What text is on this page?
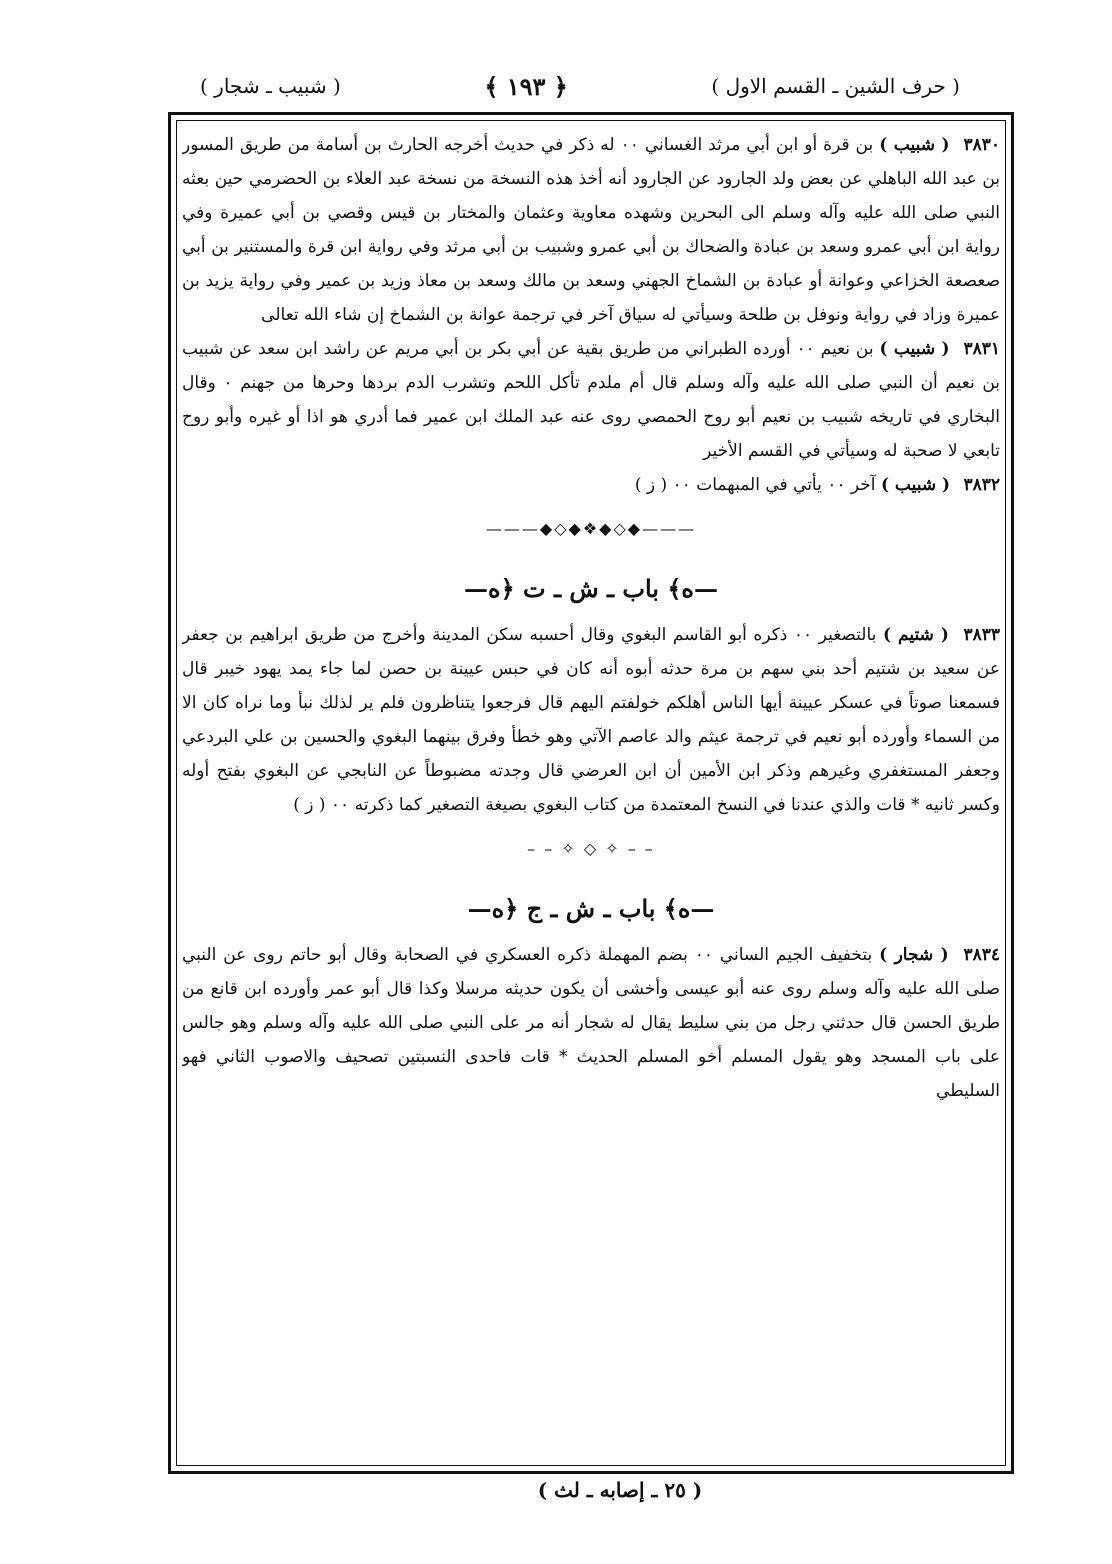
( حرف الشين ـ القسم الاول )
﴿ ١٩٣ ﴾
( شبيب ـ شجار )

٣٨٣٠ ( شبيب ) بن قرة أو ابن أبي مرثد الغساني ٠٠ له ذكر في حديث أخرجه الحارث بن أسامة من طريق المسور بن عبد الله الباهلي عن بعض ولد الجارود عن الجارود أنه أخذ هذه النسخة من نسخة عبد العلاء بن الحضرمي حين بعثه النبي صلى الله عليه وآله وسلم الى البحرين وشهده معاوية وعثمان والمختار بن قيس وقصي بن أبي عميرة وفي رواية ابن أبي عمرو وسعد بن عبادة والضحاك بن أبي عمرو وشبيب بن أبي مرثد وفي رواية ابن قرة والمستنير بن أبي صعصعة الخزاعي وعوانة أو عبادة بن الشماخ الجهني وسعد بن مالك وسعد بن معاذ وزيد بن عمير وفي رواية يزيد بن عميرة وزاد في رواية ونوفل بن طلحة وسيأتي له سياق آخر في ترجمة عوانة بن الشماخ إن شاء الله تعالى

٣٨٣١ ( شبيب ) بن نعيم ٠٠ أورده الطبراني من طريق بقية عن أبي بكر بن أبي مريم عن راشد ابن سعد عن شبيب بن نعيم أن النبي صلى الله عليه وآله وسلم قال أم ملدم تأكل اللحم وتشرب الدم بردها وحرها من جهنم ٠ وقال البخاري في تاريخه شبيب بن نعيم أبو روح الحمصي روى عنه عبد الملك ابن عمير فما أدري هو اذا أو غيره وأبو روح تابعي لا صحبة له وسيأتي في القسم الأخير

٣٨٣٢ ( شبيب ) آخر ٠٠ يأتي في المبهمات ٠٠ ( ز )

———◆◇◆❖◆◇◆———
—ﻩ﴾ باب ـ ش ـ ت ﴿ﻩ—

٣٨٣٣ ( شتيم ) بالتصغير ٠٠ ذكره أبو القاسم البغوي وقال أحسبه سكن المدينة وأخرج من طريق ابراهيم بن جعفر عن سعيد بن شتيم أحد بني سهم بن مرة حدثه أبوه أنه كان في حبس عيينة بن حصن لما جاء يمد يهود خيبر قال فسمعنا صوتاً في عسكر عيينة أيها الناس أهلكم خولفتم اليهم قال فرجعوا يتناظرون فلم ير لذلك نبأ وما نراه كان الا من السماء وأورده أبو نعيم في ترجمة عيثم والد عاصم الآتي وهو خطأ وفرق بينهما البغوي والحسين بن علي البردعي وجعفر المستغفري وغيرهم وذكر ابن الأمين أن ابن العرضي قال وجدته مضبوطاً عن النابجي عن البغوي بفتح أوله وكسر ثانيه * قات والذي عندنا في النسخ المعتمدة من كتاب البغوي بصيغة التصغير كما ذكرته ٠٠ ( ز )

– – ✧ ◇ ✧ – –
—ﻩ﴾ باب ـ ش ـ ج ﴿ﻩ—

٣٨٣٤ ( شجار ) بتخفيف الجيم الساني ٠٠ بضم المهملة ذكره العسكري في الصحابة وقال أبو حاتم روى عن النبي صلى الله عليه وآله وسلم روى عنه أبو عيسى وأخشى أن يكون حديثه مرسلا وكذا قال أبو عمر وأورده ابن قانع من طريق الحسن قال حدثني رجل من بني سليط يقال له شجار أنه مر على النبي صلى الله عليه وآله وسلم وهو جالس على باب المسجد وهو يقول المسلم أخو المسلم الحديث * قات فاحدى النسبتين تصحيف والاصوب الثاني فهو السليطي

( ٢٥ ـ إصابه ـ لث )
